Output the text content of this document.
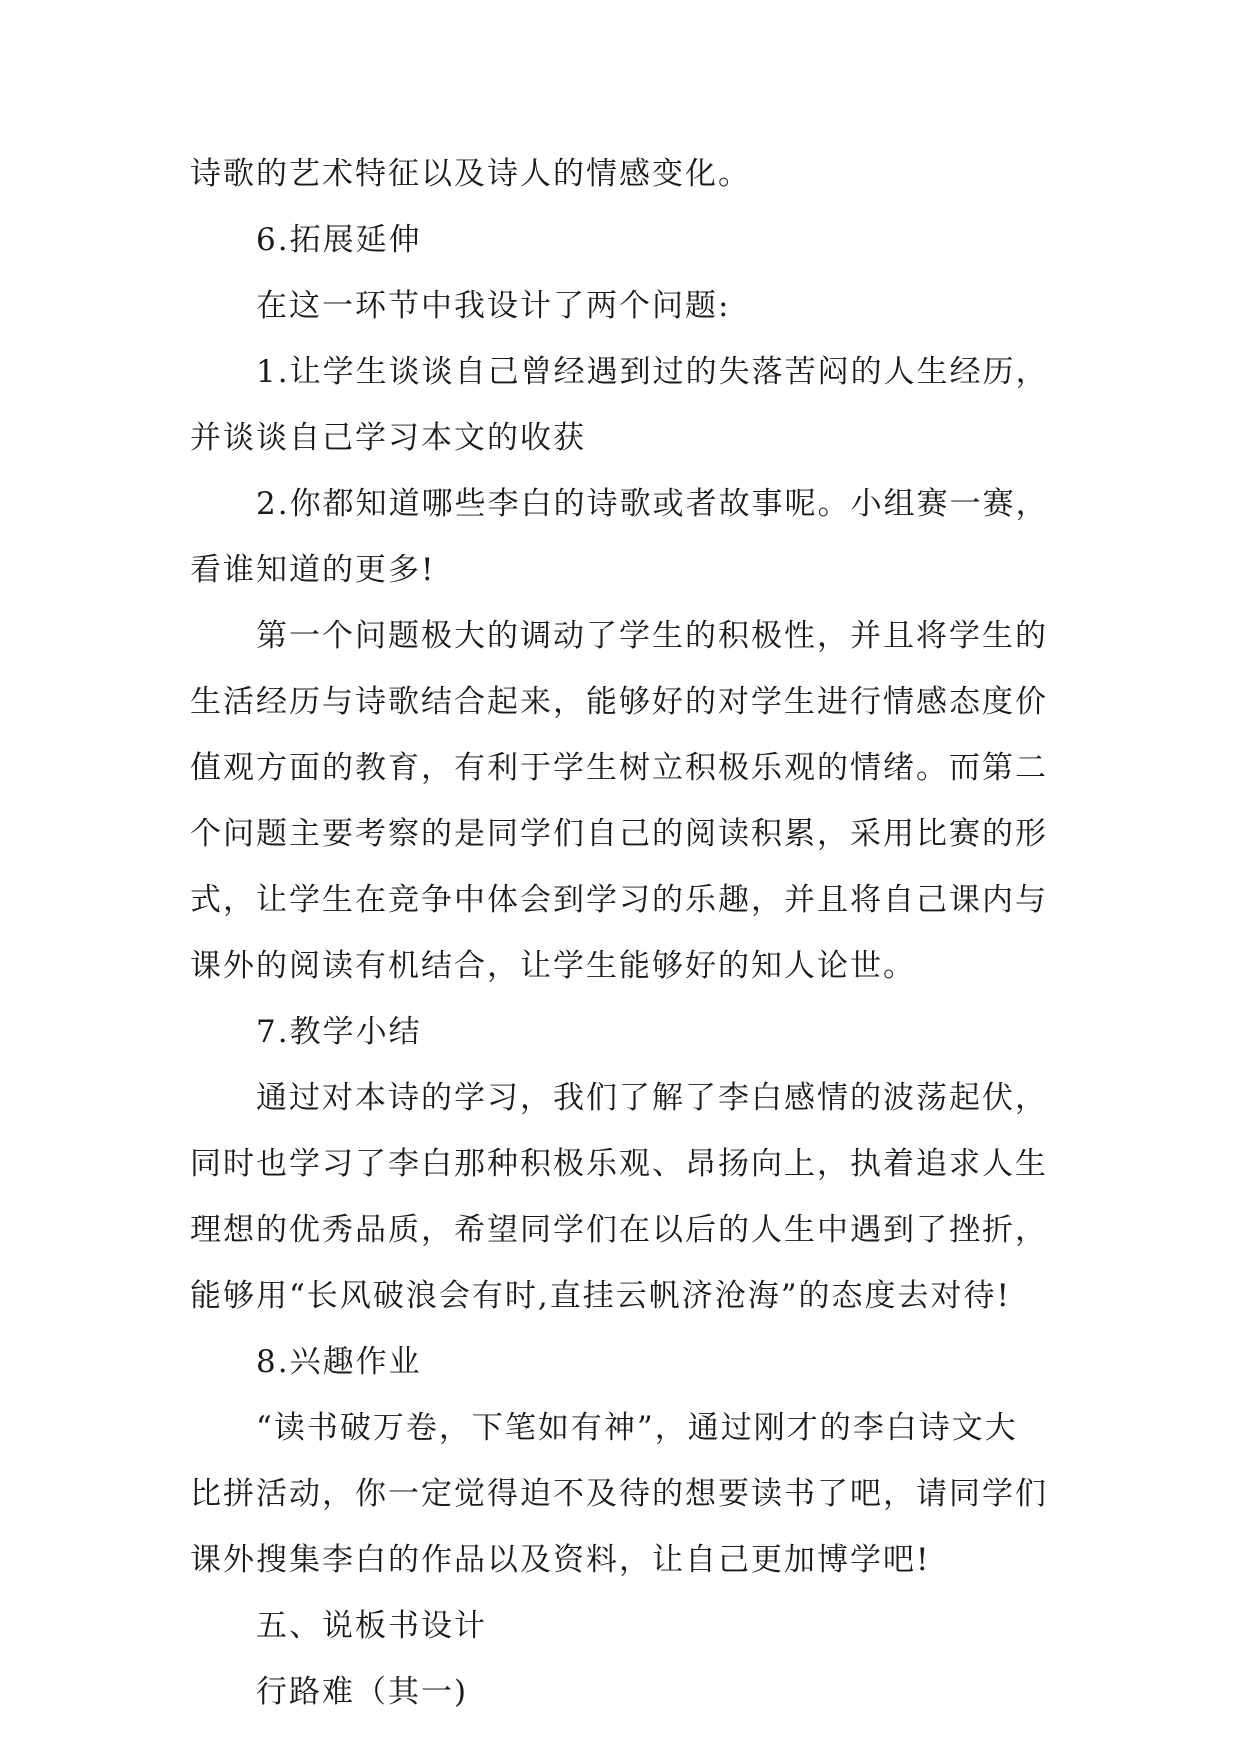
诗歌的艺术特征以及诗人的情感变化。
6.拓展延伸
在这一环节中我设计了两个问题:
1.让学生谈谈自己曾经遇到过的失落苦闷的人生经历，
并谈谈自己学习本文的收获
2.你都知道哪些李白的诗歌或者故事呢。小组赛一赛，
看谁知道的更多!
第一个问题极大的调动了学生的积极性，并且将学生的
生活经历与诗歌结合起来，能够好的对学生进行情感态度价
值观方面的教育，有利于学生树立积极乐观的情绪。而第二
个问题主要考察的是同学们自己的阅读积累，采用比赛的形
式，让学生在竞争中体会到学习的乐趣，并且将自己课内与
课外的阅读有机结合，让学生能够好的知人论世。
7.教学小结
通过对本诗的学习，我们了解了李白感情的波荡起伏，
同时也学习了李白那种积极乐观、昂扬向上，执着追求人生
理想的优秀品质，希望同学们在以后的人生中遇到了挫折，
能够用“长风破浪会有时,直挂云帆济沧海”的态度去对待!
8.兴趣作业
“读书破万卷，下笔如有神”，通过刚才的李白诗文大
比拼活动，你一定觉得迫不及待的想要读书了吧，请同学们
课外搜集李白的作品以及资料，让自己更加博学吧!
五、说板书设计
行路难（其一)
